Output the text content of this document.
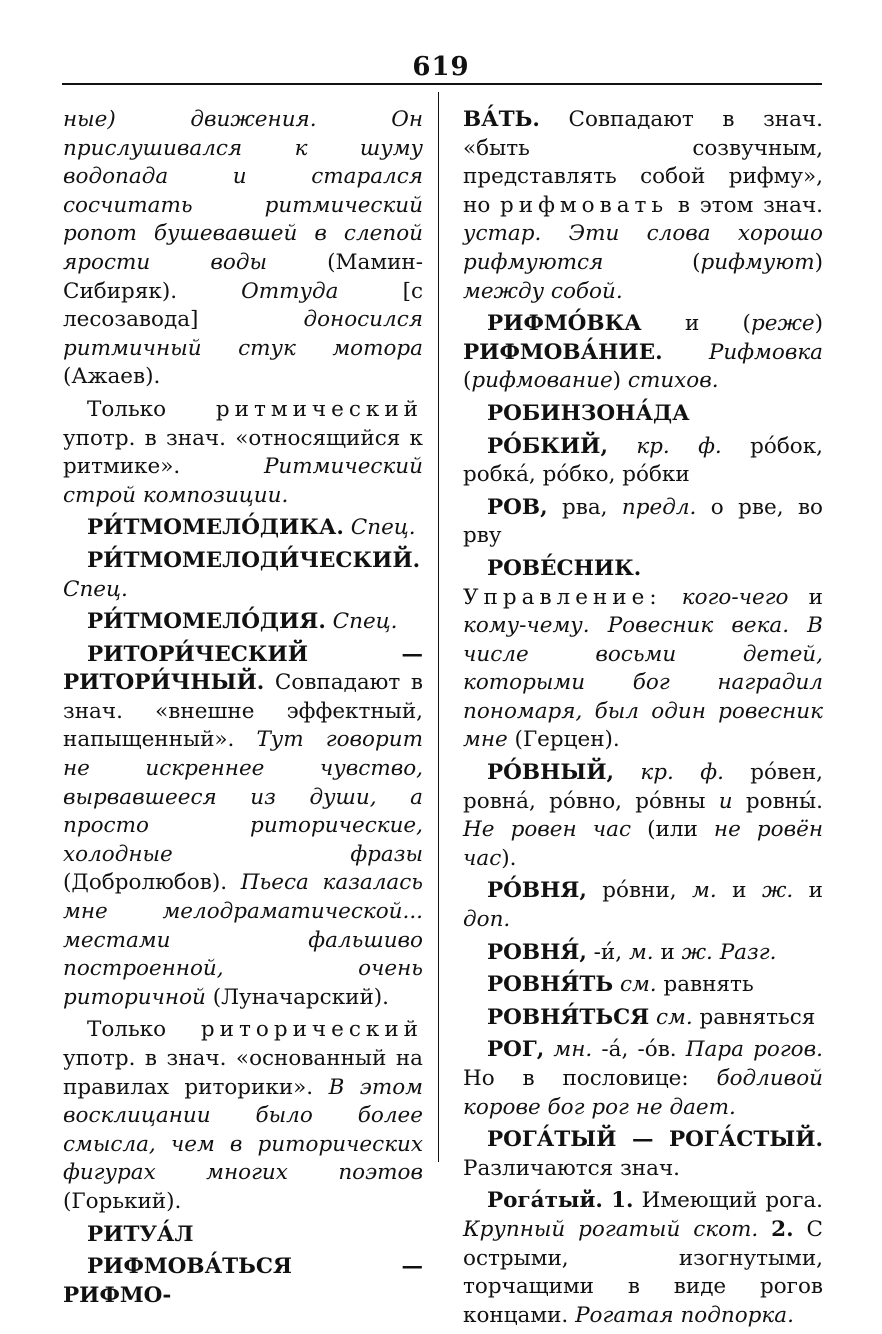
619

ные) движения. Он прислушивался к шуму водопада и старался сосчитать ритмический ропот бушевавшей в слепой ярости воды (Мамин-Сибиряк). Оттуда [с лесозавода] доносился ритмичный стук мотора (Ажаев).

Только ритмический употр. в знач. «относящийся к ритмике». Ритмический строй композиции.

РИ́ТМОМЕЛО́ДИКА. Спец.

РИ́ТМОМЕЛОДИ́ЧЕСКИЙ. Спец.

РИ́ТМОМЕЛО́ДИЯ. Спец.

РИТОРИ́ЧЕСКИЙ — РИТОРИ́ЧНЫЙ. Совпадают в знач. «внешне эффектный, напыщенный». Тут говорит не искреннее чувство, вырвавшееся из души, а просто риторические, холодные фразы (Добролюбов). Пьеса казалась мне мелодраматической... местами фальшиво построенной, очень риторичной (Луначарский).

Только риторический употр. в знач. «основанный на правилах риторики». В этом восклицании было более смысла, чем в риторических фигурах многих поэтов (Горький).

РИТУА́Л

РИФМОВА́ТЬСЯ — РИФМО-

ВА́ТЬ. Совпадают в знач. «быть созвучным, представлять собой рифму», но рифмовать в этом знач. устар. Эти слова хорошо рифмуются (рифмуют) между собой.

РИФМО́ВКА и (реже) РИФМОВА́НИЕ. Рифмовка (рифмование) стихов.

РОБИНЗОНА́ДА

РО́БКИЙ, кр. ф. ро́бок, робка́, ро́бко, ро́бки

РОВ, рва, предл. о рве, во рву

РОВЕ́СНИК. Управление: кого-чего и кому-чему. Ровесник века. В числе восьми детей, которыми бог наградил пономаря, был один ровесник мне (Герцен).

РО́ВНЫЙ, кр. ф. ро́вен, ровна́, ро́вно, ро́вны и ровны́. Не ровен час (или не ровён час).

РО́ВНЯ, ро́вни, м. и ж. и доп.

РОВНЯ́, -и́, м. и ж. Разг.

РОВНЯ́ТЬ см. равнять

РОВНЯ́ТЬСЯ см. равняться

РОГ, мн. -а́, -о́в. Пара рогов. Но в пословице: бодливой корове бог рог не дает.

РОГА́ТЫЙ — РОГА́СТЫЙ. Различаются знач.

Рога́тый. 1. Имеющий рога. Крупный рогатый скот. 2. С острыми, изогнутыми, торчащими в виде рогов концами. Рогатая подпорка.
